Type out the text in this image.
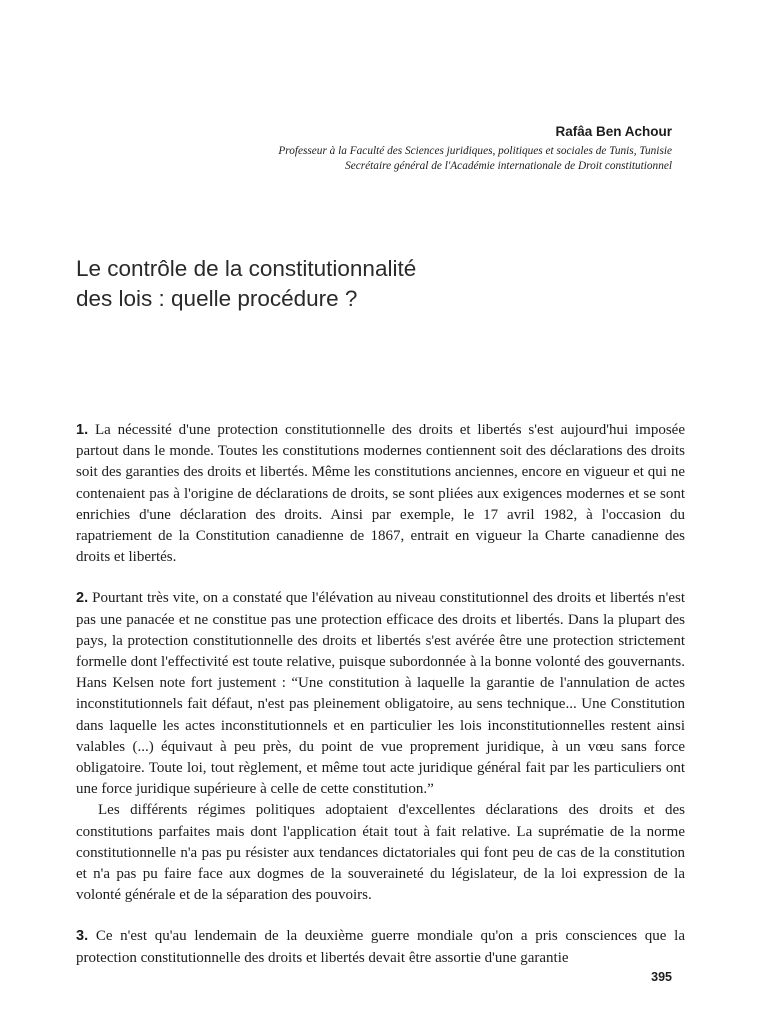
Rafâa Ben Achour

Professeur à la Faculté des Sciences juridiques, politiques et sociales de Tunis, Tunisie

Secrétaire général de l'Académie internationale de Droit constitutionnel

Le contrôle de la constitutionnalité
des lois : quelle procédure ?

1. La nécessité d'une protection constitutionnelle des droits et libertés s'est aujourd'hui imposée partout dans le monde. Toutes les constitutions modernes contiennent soit des déclarations des droits soit des garanties des droits et libertés. Même les constitutions anciennes, encore en vigueur et qui ne contenaient pas à l'origine de déclarations de droits, se sont pliées aux exigences modernes et se sont enrichies d'une déclaration des droits. Ainsi par exemple, le 17 avril 1982, à l'occasion du rapatriement de la Constitution canadienne de 1867, entrait en vigueur la Charte canadienne des droits et libertés.

2. Pourtant très vite, on a constaté que l'élévation au niveau constitutionnel des droits et libertés n'est pas une panacée et ne constitue pas une protection efficace des droits et libertés. Dans la plupart des pays, la protection constitutionnelle des droits et libertés s'est avérée être une protection strictement formelle dont l'effectivité est toute relative, puisque subordonnée à la bonne volonté des gouvernants. Hans Kelsen note fort justement : “Une constitution à laquelle la garantie de l'annulation de actes inconstitutionnels fait défaut, n'est pas pleinement obligatoire, au sens technique... Une Constitution dans laquelle les actes inconstitutionnels et en particulier les lois inconstitutionnelles restent ainsi valables (...) équivaut à peu près, du point de vue proprement juridique, à un vœu sans force obligatoire. Toute loi, tout règlement, et même tout acte juridique général fait par les particuliers ont une force juridique supérieure à celle de cette constitution.”

Les différents régimes politiques adoptaient d'excellentes déclarations des droits et des constitutions parfaites mais dont l'application était tout à fait relative. La suprématie de la norme constitutionnelle n'a pas pu résister aux tendances dictatoriales qui font peu de cas de la constitution et n'a pas pu faire face aux dogmes de la souveraineté du législateur, de la loi expression de la volonté générale et de la séparation des pouvoirs.

3. Ce n'est qu'au lendemain de la deuxième guerre mondiale qu'on a pris consciences que la protection constitutionnelle des droits et libertés devait être assortie d'une garantie

395
